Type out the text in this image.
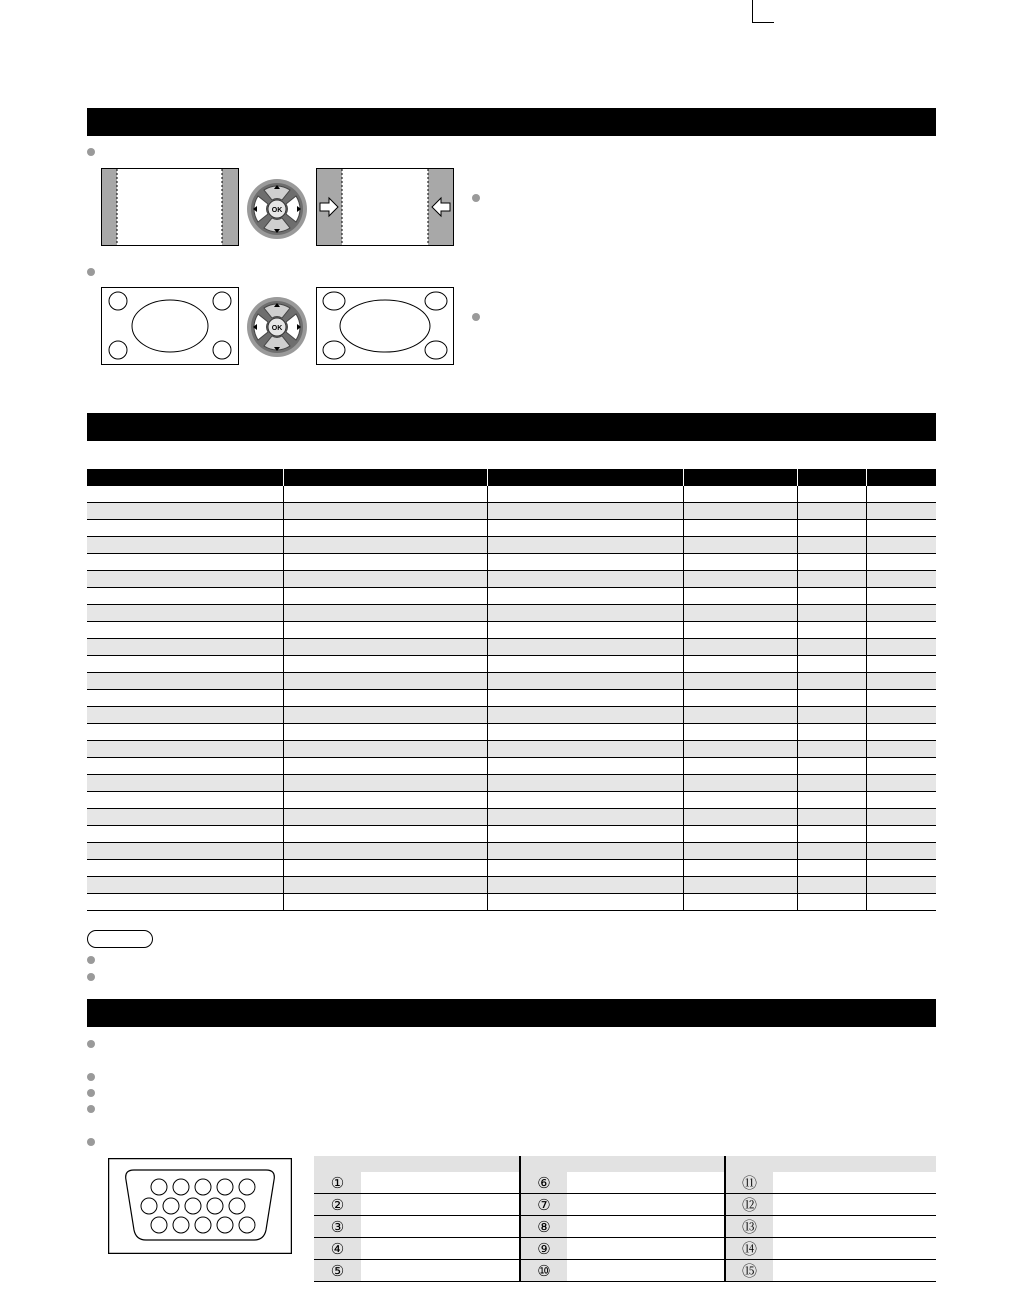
OK
OK

①		⑥		⑪	
②		⑦		⑫	
③		⑧		⑬	
④		⑨		⑭	
⑤		⑩		⑮	
